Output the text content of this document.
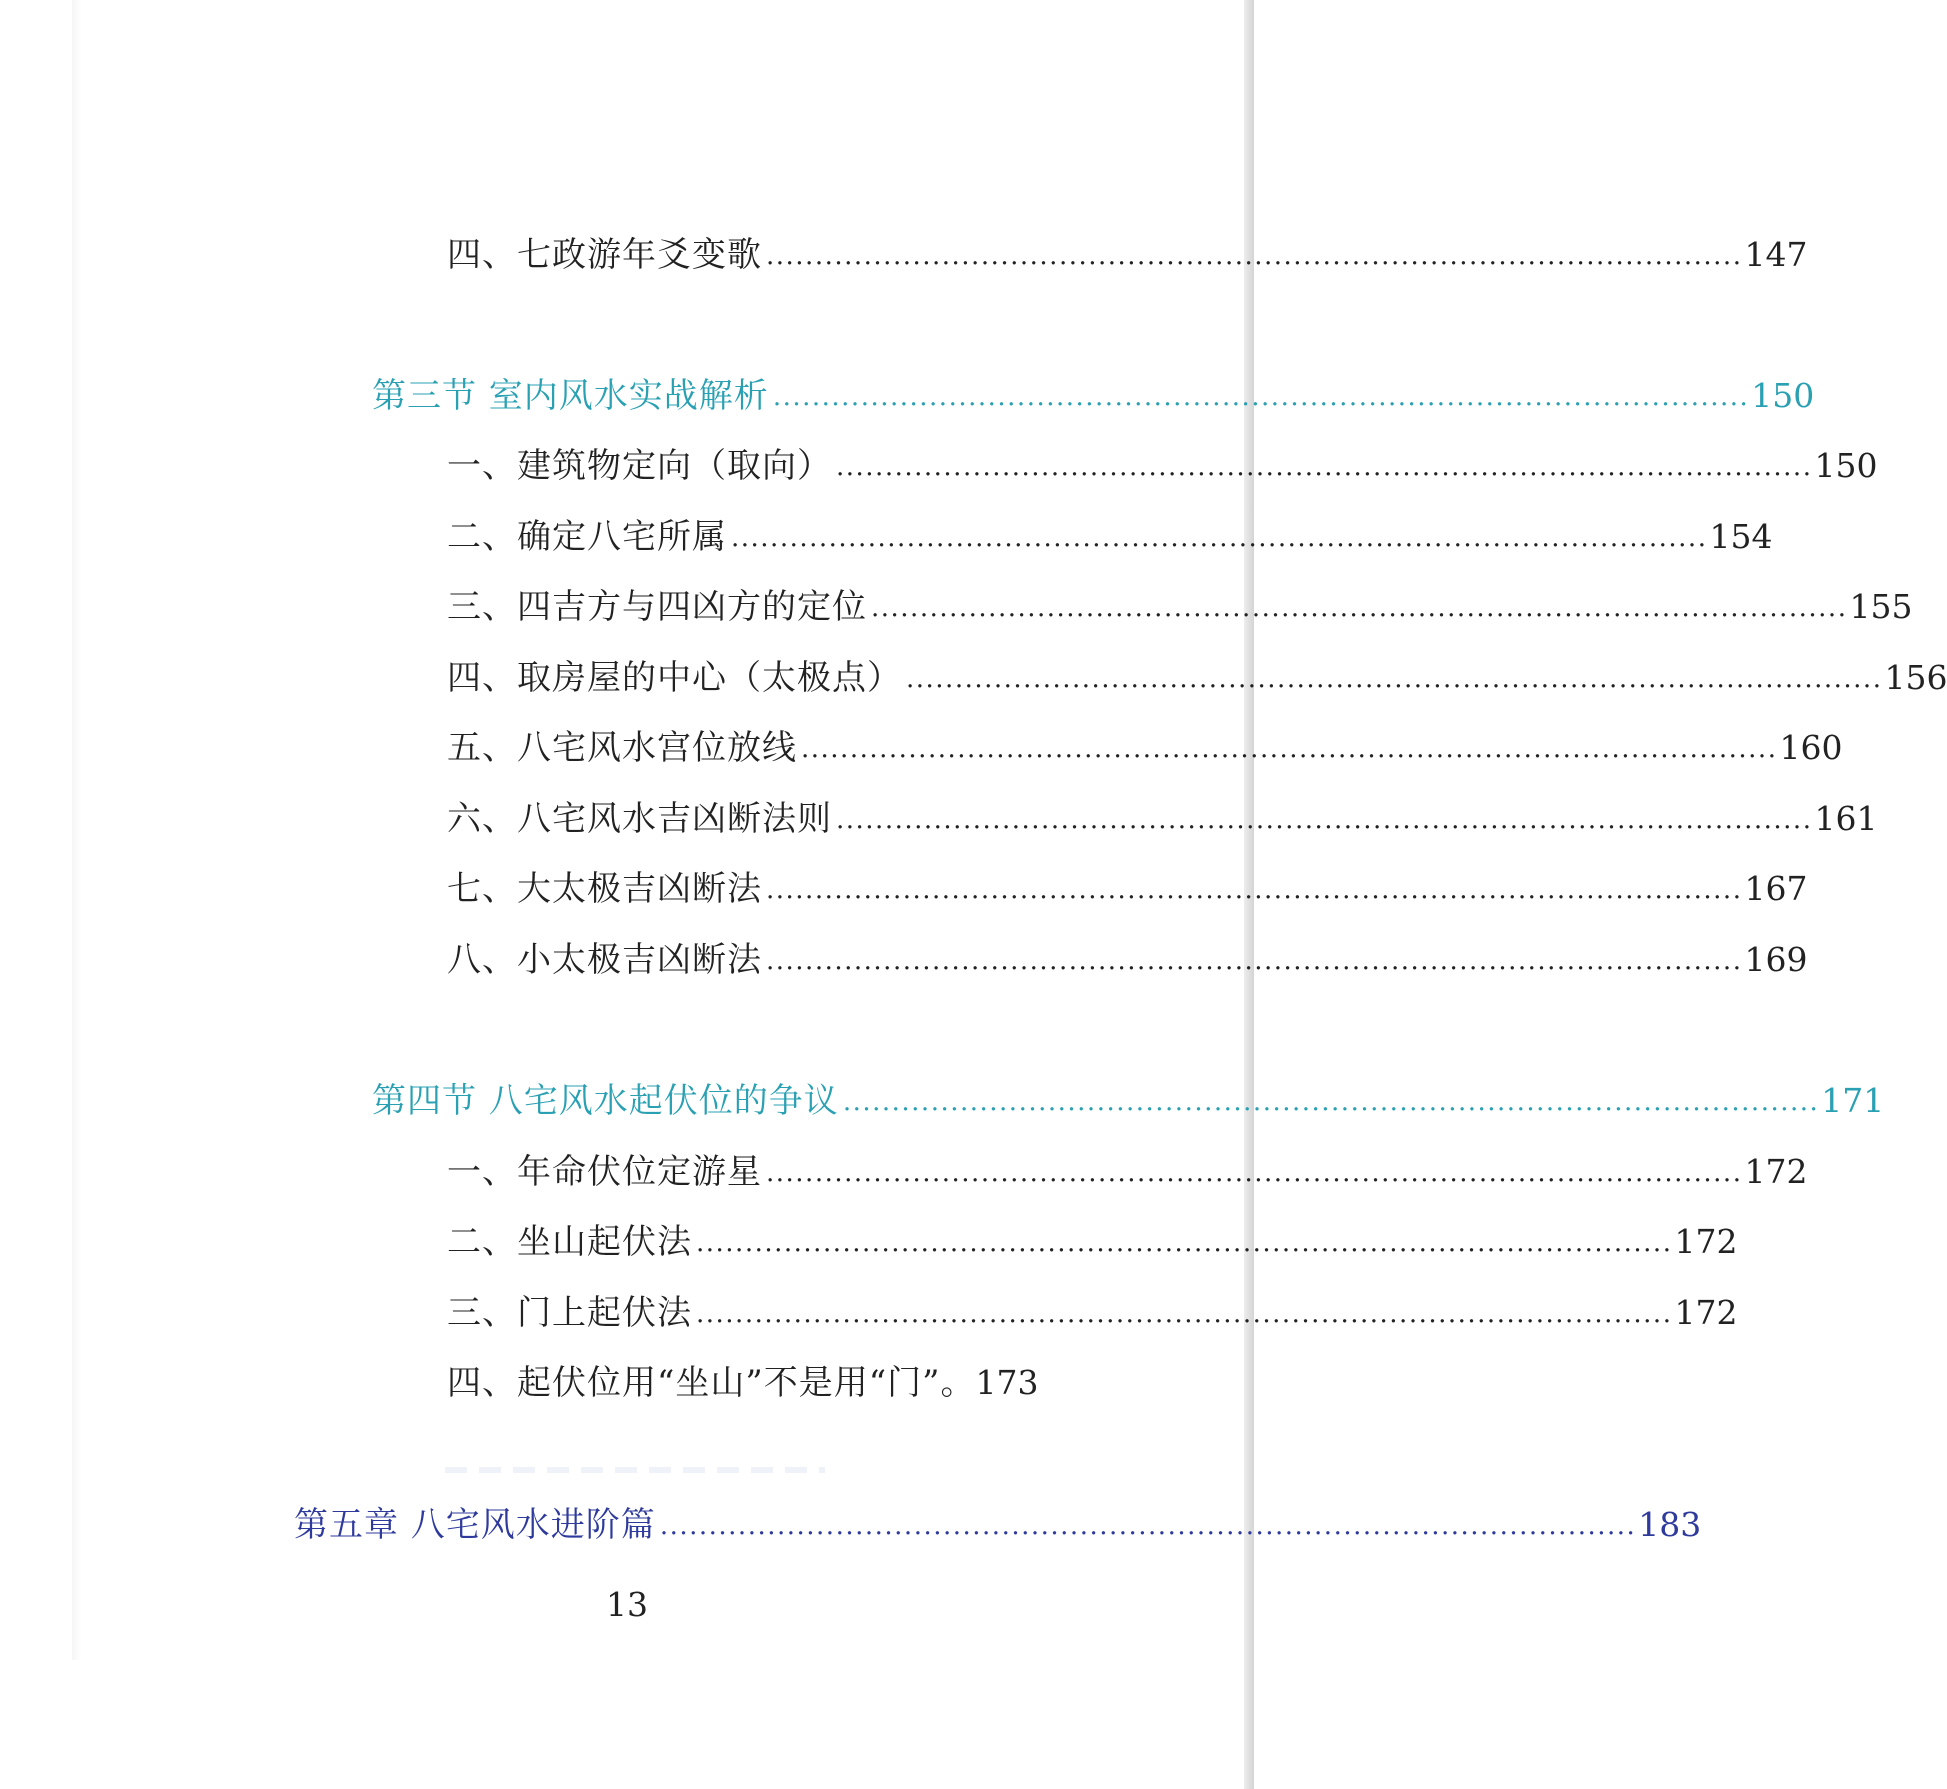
四、七政游年爻变歌 .................................................................................................... 147
第三节 室内风水实战解析 .................................................................................................... 150
一、建筑物定向（取向） .................................................................................................... 150
二、确定八宅所属 .................................................................................................... 154
三、四吉方与四凶方的定位 .................................................................................................... 155
四、取房屋的中心（太极点） .................................................................................................... 156
五、八宅风水宫位放线 .................................................................................................... 160
六、八宅风水吉凶断法则 .................................................................................................... 161
七、大太极吉凶断法 .................................................................................................... 167
八、小太极吉凶断法 .................................................................................................... 169
第四节 八宅风水起伏位的争议 .................................................................................................... 171
一、年命伏位定游星 .................................................................................................... 172
二、坐山起伏法 .................................................................................................... 172
三、门上起伏法 .................................................................................................... 172
四、起伏位用“坐山”不是用“门”。 173
第五章 八宅风水进阶篇 .................................................................................................... 183
13
